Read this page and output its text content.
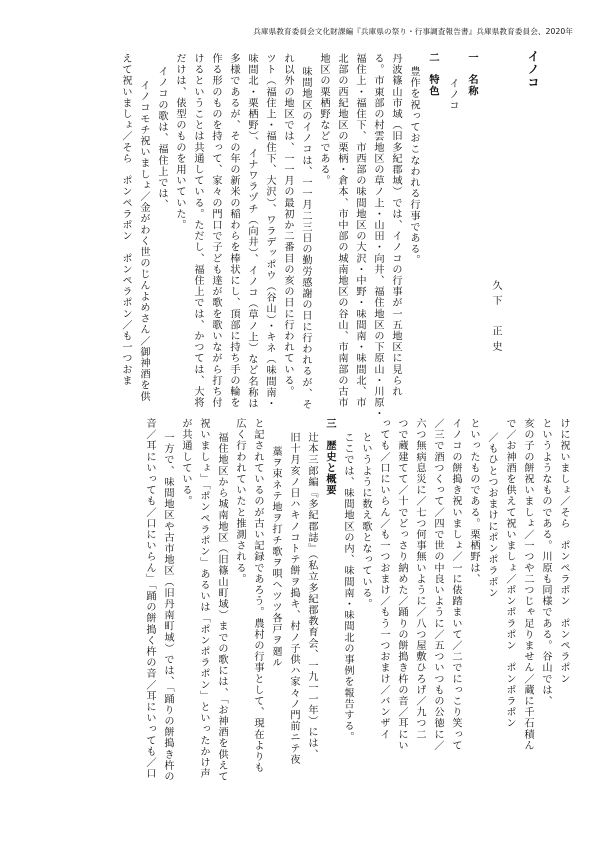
兵庫県教育委員会文化財課編『兵庫県の祭り・行事調査報告書』兵庫県教育委員会、2020年
イノコ
久下　正史
一　名称
イノコ
二　特色
豊作を祝っておこなわれる行事である。
丹波篠山市域（旧多紀郡域）では、イノコの行事が一五地区に見られ
る。市東部の村雲地区の草ノ上・山田・向井、福住地区の下原山・川原・
福住上・福住下、市西部の味間地区の大沢・中野・味間南・味間北、市
北部の西紀地区の栗柄・倉本、市中部の城南地区の谷山、市南部の古市
地区の栗栖野などである。
味間地区のイノコは、一一月二三日の勤労感謝の日に行われるが、そ
れ以外の地区では、一一月の最初か二番目の亥の日に行われている。
ツト（福住上・福住下、大沢）、ワラデッポウ（谷山）・キネ（味間南・
味間北・栗栖野）、イナワラヅチ（向井）、イノコ（草ノ上）など名称は
多様であるが、その年の新米の稲わらを棒状にし、頂部に持ち手の輪を
作る形のものを持って、家々の門口で子ども達が歌を歌いながら打ち付
けるということは共通している。ただし、福住上では、かつては、大将
だけは、俵型のものを用いていた。
イノコの歌は、福住上では、
イノコモチ祝いましょ／金がわく世のじんよめさん／御神酒を供
えて祝いましょ／そら　ポンペラポン　ポンペラポン／も一つおま
けに祝いましょ／そら　ポンペラポン　ポンペラポン
というようなものである。川原も同様である。谷山では、
亥の子の餅祝いましょ／一つや二つじゃ足りません／蔵に千石積ん
で／お神酒を供えて祝いましょ／ポンポラポン　ポンポラポン
／もひとつおまけにポンポラポン
といったものである。栗栖野は、
イノコの餅搗き祝いましょ／一に俵踏まいて／二でにっこり笑って
／三で酒つくって／四で世の中良いように／五ついつもの公徳に／
六つ無病息災に／七つ何事無いように／八つ屋敷ひろげ／九つ二
つで蔵建てて／十でどっさり納めた／踊りの餅搗き杵の音／耳にい
っても／口にいらん／も一つおまけ／もう一つおまけ／バンザイ
というように数え歌となっている。
ここでは、味間地区の内、味間南・味間北の事例を報告する。
三　歴史と概要
辻本三郎編『多紀郡誌』（私立多紀郡教育会、一九一一年）には、
旧十月亥ノ日ハキノコトテ餅ヲ搗キ、村ノ子供ハ家々ノ門前ニテ夜
藁ヲ束ネテ地ヲ打チ歌ヲ唄ヘツツ各戸ヲ廻ル
と記されているのが古い記録であろう。農村の行事として、現在よりも
広く行われていたと推測される。
福住地区から城南地区（旧篠山町域）までの歌には、「お神酒を供えて
祝いましょ」「ポンペラポン」あるいは「ポンポラポン」といったかけ声
が共通している。
一方で、味間地区や古市地区（旧丹南町域）では、「踊りの餅搗き杵の
音／耳にいっても／口にいらん」「踊の餅搗く杵の音／耳にいっても／口
